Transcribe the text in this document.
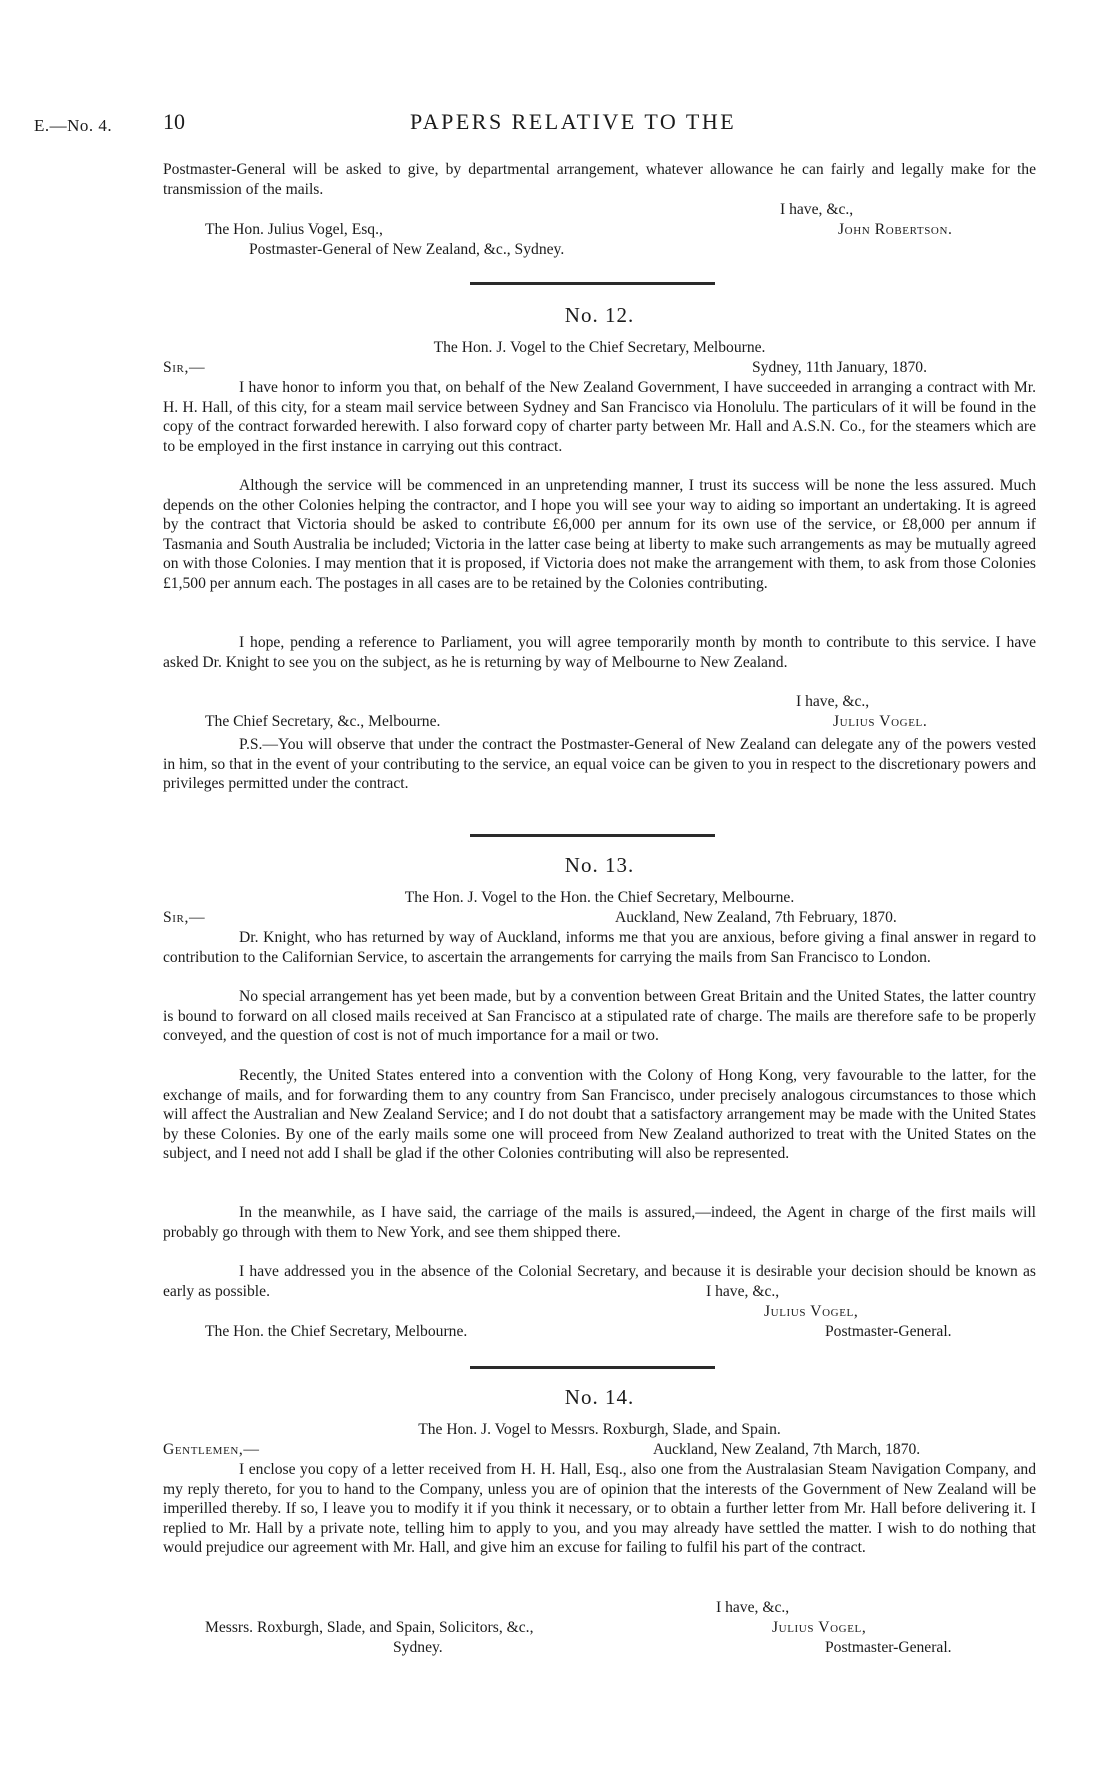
E.—No. 4. 10	PAPERS RELATIVE TO THE
Postmaster-General will be asked to give, by departmental arrangement, whatever allowance he can fairly and legally make for the transmission of the mails.
I have, &c.,
The Hon. Julius Vogel, Esq.,	John Robertson.
Postmaster-General of New Zealand, &c., Sydney.
No. 12.
The Hon. J. Vogel to the Chief Secretary, Melbourne.
Sir,—	Sydney, 11th January, 1870.
I have honor to inform you that, on behalf of the New Zealand Government, I have succeeded in arranging a contract with Mr. H. H. Hall, of this city, for a steam mail service between Sydney and San Francisco via Honolulu. The particulars of it will be found in the copy of the contract forwarded herewith. I also forward copy of charter party between Mr. Hall and A.S.N. Co., for the steamers which are to be employed in the first instance in carrying out this contract.
Although the service will be commenced in an unpretending manner, I trust its success will be none the less assured. Much depends on the other Colonies helping the contractor, and I hope you will see your way to aiding so important an undertaking. It is agreed by the contract that Victoria should be asked to contribute £6,000 per annum for its own use of the service, or £8,000 per annum if Tasmania and South Australia be included; Victoria in the latter case being at liberty to make such arrangements as may be mutually agreed on with those Colonies. I may mention that it is proposed, if Victoria does not make the arrangement with them, to ask from those Colonies £1,500 per annum each. The postages in all cases are to be retained by the Colonies contributing.
I hope, pending a reference to Parliament, you will agree temporarily month by month to contribute to this service. I have asked Dr. Knight to see you on the subject, as he is returning by way of Melbourne to New Zealand.
I have, &c.,
The Chief Secretary, &c., Melbourne.	Julius Vogel.
P.S.—You will observe that under the contract the Postmaster-General of New Zealand can delegate any of the powers vested in him, so that in the event of your contributing to the service, an equal voice can be given to you in respect to the discretionary powers and privileges permitted under the contract.
No. 13.
The Hon. J. Vogel to the Hon. the Chief Secretary, Melbourne.
Sir,—	Auckland, New Zealand, 7th February, 1870.
Dr. Knight, who has returned by way of Auckland, informs me that you are anxious, before giving a final answer in regard to contribution to the Californian Service, to ascertain the arrangements for carrying the mails from San Francisco to London.
No special arrangement has yet been made, but by a convention between Great Britain and the United States, the latter country is bound to forward on all closed mails received at San Francisco at a stipulated rate of charge. The mails are therefore safe to be properly conveyed, and the question of cost is not of much importance for a mail or two.
Recently, the United States entered into a convention with the Colony of Hong Kong, very favourable to the latter, for the exchange of mails, and for forwarding them to any country from San Francisco, under precisely analogous circumstances to those which will affect the Australian and New Zealand Service; and I do not doubt that a satisfactory arrangement may be made with the United States by these Colonies. By one of the early mails some one will proceed from New Zealand authorized to treat with the United States on the subject, and I need not add I shall be glad if the other Colonies contributing will also be represented.
In the meanwhile, as I have said, the carriage of the mails is assured,—indeed, the Agent in charge of the first mails will probably go through with them to New York, and see them shipped there.
I have addressed you in the absence of the Colonial Secretary, and because it is desirable your decision should be known as early as possible.	I have, &c.,
Julius Vogel,
The Hon. the Chief Secretary, Melbourne.	Postmaster-General.
No. 14.
The Hon. J. Vogel to Messrs. Roxburgh, Slade, and Spain.
Gentlemen,—	Auckland, New Zealand, 7th March, 1870.
I enclose you copy of a letter received from H. H. Hall, Esq., also one from the Australasian Steam Navigation Company, and my reply thereto, for you to hand to the Company, unless you are of opinion that the interests of the Government of New Zealand will be imperilled thereby. If so, I leave you to modify it if you think it necessary, or to obtain a further letter from Mr. Hall before delivering it. I replied to Mr. Hall by a private note, telling him to apply to you, and you may already have settled the matter. I wish to do nothing that would prejudice our agreement with Mr. Hall, and give him an excuse for failing to fulfil his part of the contract.
I have, &c.,
Messrs. Roxburgh, Slade, and Spain, Solicitors, &c.,	Julius Vogel,
Sydney.	Postmaster-General.
